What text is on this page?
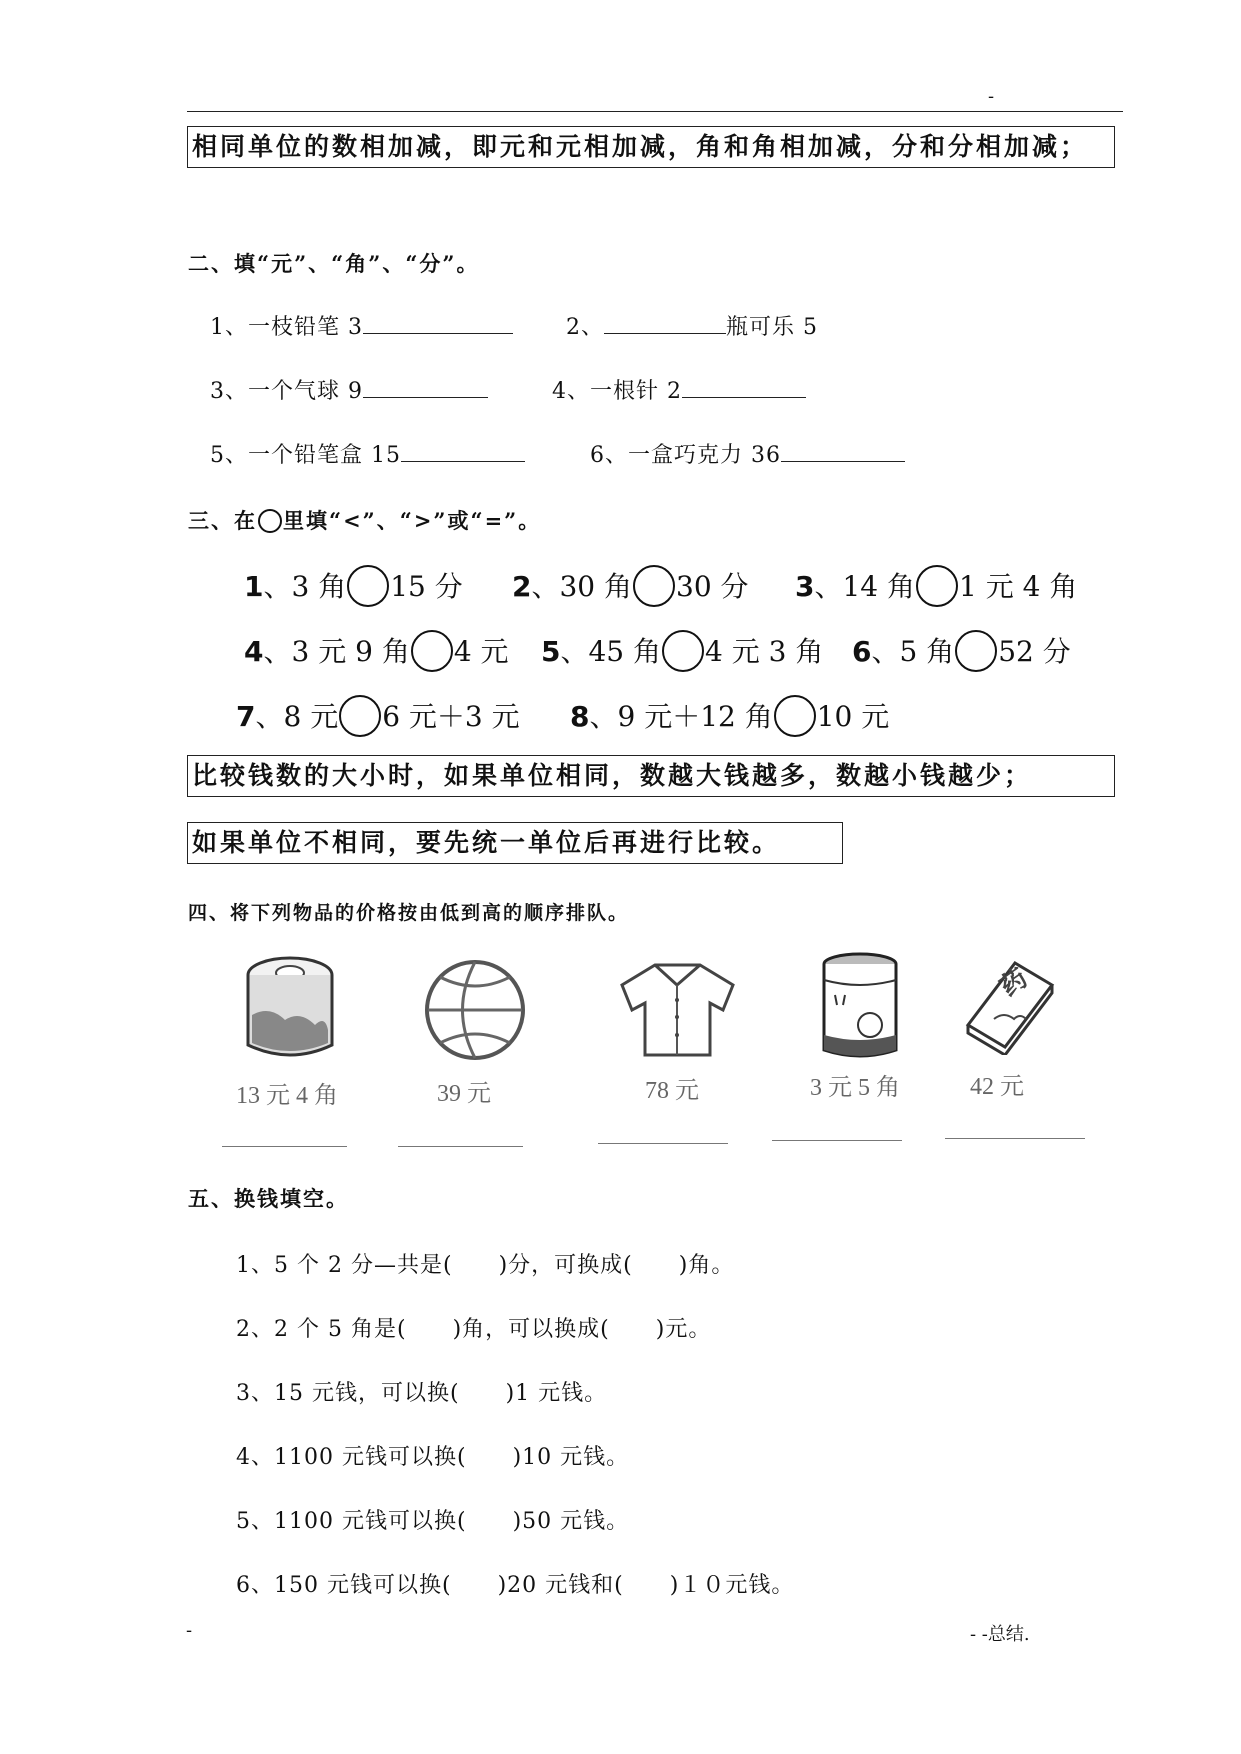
-
相同单位的数相加减，即元和元相加减，角和角相加减，分和分相加减；
二、填“元”、“角”、“分”。
1、一枝铅笔 3	2、	瓶可乐 5
3、一个气球 9	4、一根针 2
5、一个铅笔盒 15	6、一盒巧克力 36
三、在 里填“<”、“>”或“=”。
1、3 角 15 分 2、30 角 30 分 3、14 角 1 元 4 角
4、3 元 9 角 4 元 5、45 角 4 元 3 角 6、5 角 52 分
7、8 元 6 元＋3 元 8、9 元＋12 角 10 元
比较钱数的大小时，如果单位相同，数越大钱越多，数越小钱越少；
如果单位不相同，要先统一单位后再进行比较。
四、将下列物品的价格按由低到高的顺序排队。
13 元 4 角	39 元	78 元	3 元 5 角
药
42 元
五、换钱填空。
1、5 个 2 分—共是( )分，可换成( )角。
2、2 个 5 角是( )角，可以换成( )元。
3、15 元钱，可以换( )1 元钱。
4、1100 元钱可以换( )10 元钱。
5、1100 元钱可以换( )50 元钱。
6、150 元钱可以换( )20 元钱和( )１０元钱。
-	- -总结.
